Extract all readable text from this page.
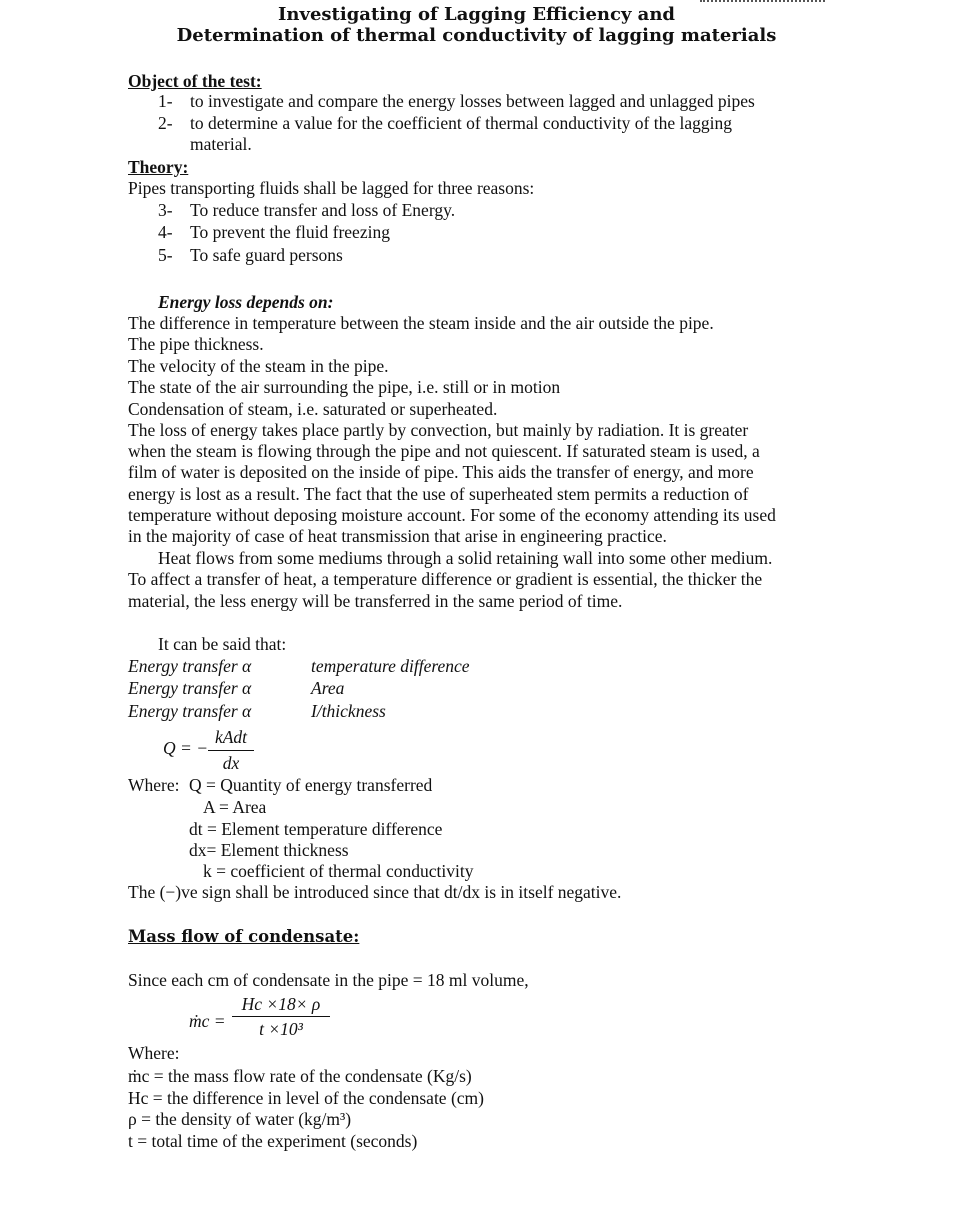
Investigating of Lagging Efficiency and
Determination of thermal conductivity of lagging materials
Object of the test:
1- to investigate and compare the energy losses between lagged and unlagged pipes
2- to determine a value for the coefficient of thermal conductivity of the lagging
material.
Theory:
Pipes transporting fluids shall be lagged for three reasons:
3- To reduce transfer and loss of Energy.
4- To prevent the fluid freezing
5- To safe guard persons
Energy loss depends on:
The difference in temperature between the steam inside and the air outside the pipe.
The pipe thickness.
The velocity of the steam in the pipe.
The state of the air surrounding the pipe, i.e. still or in motion
Condensation of steam, i.e. saturated or superheated.
The loss of energy takes place partly by convection, but mainly by radiation. It is greater
when the steam is flowing through the pipe and not quiescent. If saturated steam is used, a
film of water is deposited on the inside of pipe. This aids the transfer of energy, and more
energy is lost as a result. The fact that the use of superheated stem permits a reduction of
temperature without deposing moisture account. For some of the economy attending its used
in the majority of case of heat transmission that arise in engineering practice.
Heat flows from some mediums through a solid retaining wall into some other medium.
To affect a transfer of heat, a temperature difference or gradient is essential, the thicker the
material, the less energy will be transferred in the same period of time.
It can be said that:
Energy transfer α	temperature difference
Energy transfer α	Area
Energy transfer α	I/thickness
Q = −
kAdt
dx
Where: Q = Quantity of energy transferred
A = Area
dt = Element temperature difference
dx= Element thickness
k = coefficient of thermal conductivity
The (−)ve sign shall be introduced since that dt/dx is in itself negative.
Mass flow of condensate:
Since each cm of condensate in the pipe = 18 ml volume,
ṁc =
Hc ×18× ρ
t ×10³
Where:
ṁc = the mass flow rate of the condensate (Kg/s)
Hc = the difference in level of the condensate (cm)
ρ = the density of water (kg/m³)
t = total time of the experiment (seconds)
